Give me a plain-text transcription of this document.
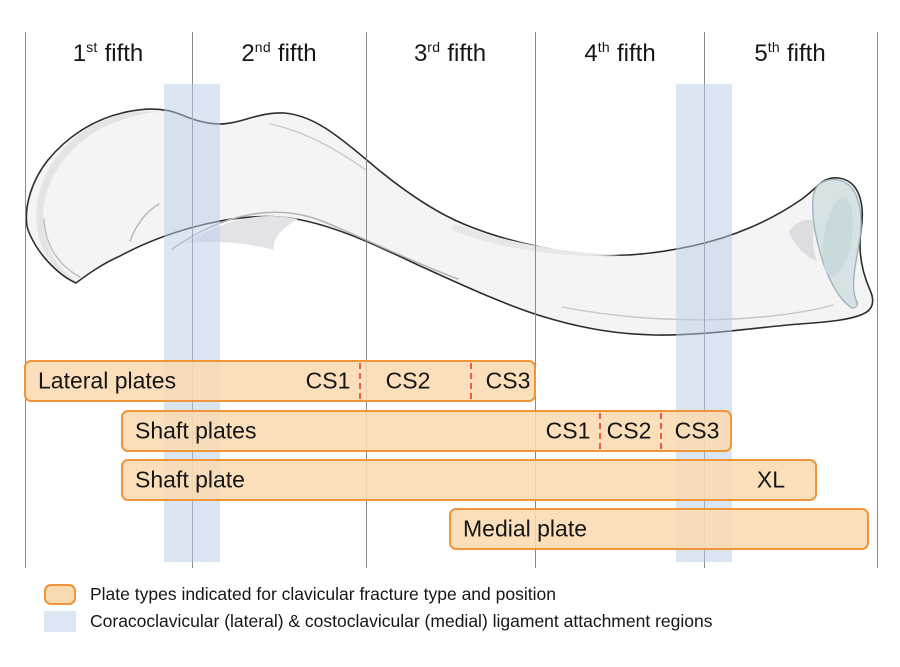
1st fifth	2nd fifth	3rd fifth	4th fifth	5th fifth
Lateral plates	CS1 CS2 CS3
Shaft plates	CS1 CS2 CS3
Shaft plate	XL
Medial plate
Plate types indicated for clavicular fracture type and position
Coracoclavicular (lateral) & costoclavicular (medial) ligament attachment regions
